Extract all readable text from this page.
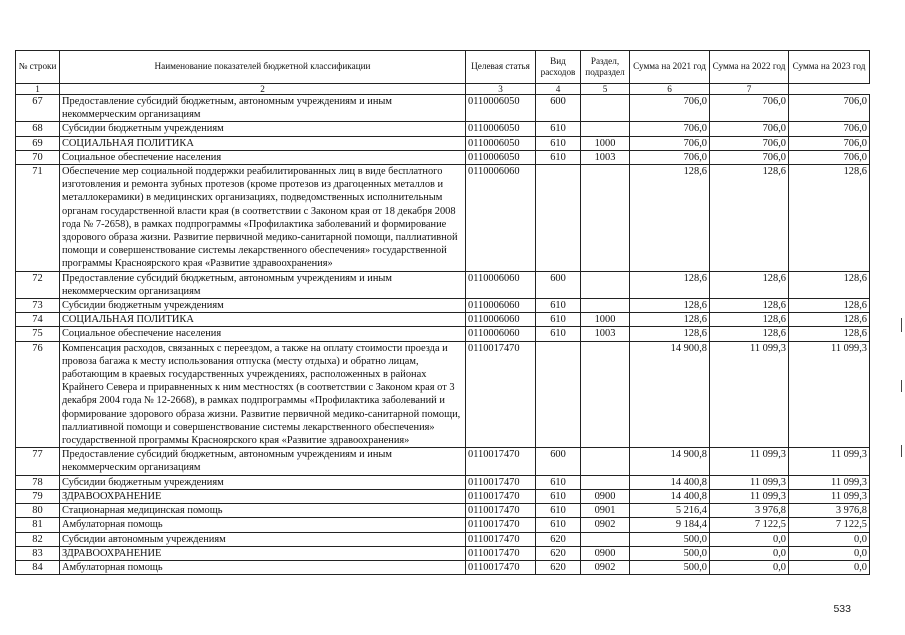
№ строки	Наименование показателей бюджетной классификации	Целевая статья	Вид расходов	Раздел, подраздел	Сумма на 2021 год	Сумма на 2022 год	Сумма на 2023 год
1	2	3	4	5	6	7	
67	Предоставление субсидий бюджетным, автономным учреждениям и иным некоммерческим организациям	0110006050	600		706,0	706,0	706,0
68	Субсидии бюджетным учреждениям	0110006050	610		706,0	706,0	706,0
69	СОЦИАЛЬНАЯ ПОЛИТИКА	0110006050	610	1000	706,0	706,0	706,0
70	Социальное обеспечение населения	0110006050	610	1003	706,0	706,0	706,0
71	Обеспечение мер социальной поддержки реабилитированных лиц в виде бесплатного изготовления и ремонта зубных протезов (кроме протезов из драгоценных металлов и металлокерамики) в медицинских организациях, подведомственных исполнительным органам государственной власти края (в соответствии с Законом края от 18 декабря 2008 года № 7-2658), в рамках подпрограммы «Профилактика заболеваний и формирование здорового образа жизни. Развитие первичной медико-санитарной помощи, паллиативной помощи и совершенствование системы лекарственного обеспечения» государственной программы Красноярского края «Развитие здравоохранения»	0110006060			128,6	128,6	128,6
72	Предоставление субсидий бюджетным, автономным учреждениям и иным некоммерческим организациям	0110006060	600		128,6	128,6	128,6
73	Субсидии бюджетным учреждениям	0110006060	610		128,6	128,6	128,6
74	СОЦИАЛЬНАЯ ПОЛИТИКА	0110006060	610	1000	128,6	128,6	128,6
75	Социальное обеспечение населения	0110006060	610	1003	128,6	128,6	128,6
76	Компенсация расходов, связанных с переездом, а также на оплату стоимости проезда и провоза багажа к месту использования отпуска (месту отдыха) и обратно лицам, работающим в краевых государственных учреждениях, расположенных в районах Крайнего Севера и приравненных к ним местностях (в соответствии с Законом края от 3 декабря 2004 года № 12-2668), в рамках подпрограммы «Профилактика заболеваний и формирование здорового образа жизни. Развитие первичной медико-санитарной помощи, паллиативной помощи и совершенствование системы лекарственного обеспечения» государственной программы Красноярского края «Развитие здравоохранения»	0110017470			14 900,8	11 099,3	11 099,3
77	Предоставление субсидий бюджетным, автономным учреждениям и иным некоммерческим организациям	0110017470	600		14 900,8	11 099,3	11 099,3
78	Субсидии бюджетным учреждениям	0110017470	610		14 400,8	11 099,3	11 099,3
79	ЗДРАВООХРАНЕНИЕ	0110017470	610	0900	14 400,8	11 099,3	11 099,3
80	Стационарная медицинская помощь	0110017470	610	0901	5 216,4	3 976,8	3 976,8
81	Амбулаторная помощь	0110017470	610	0902	9 184,4	7 122,5	7 122,5
82	Субсидии автономным учреждениям	0110017470	620		500,0	0,0	0,0
83	ЗДРАВООХРАНЕНИЕ	0110017470	620	0900	500,0	0,0	0,0
84	Амбулаторная помощь	0110017470	620	0902	500,0	0,0	0,0
533
